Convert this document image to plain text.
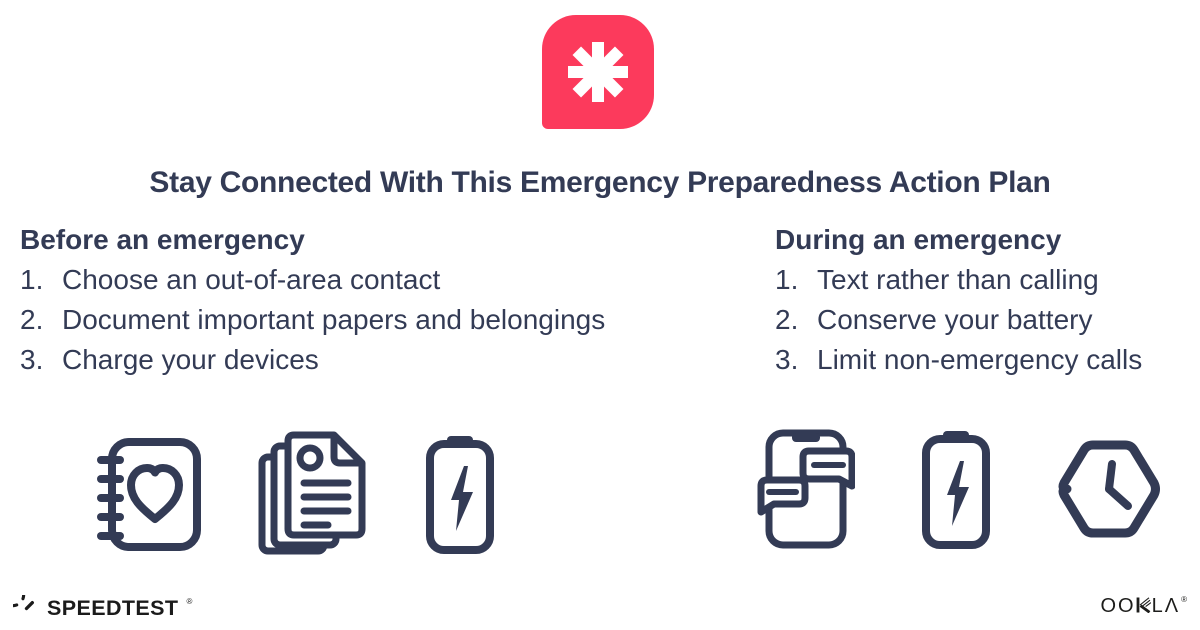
Stay Connected With This Emergency Preparedness Action Plan
Before an emergency
1. Choose an out-of-area contact
2. Document important papers and belongings
3. Charge your devices
During an emergency
1. Text rather than calling
2. Conserve your battery
3. Limit non-emergency calls
SPEEDTEST ®	OO LΛ ®
